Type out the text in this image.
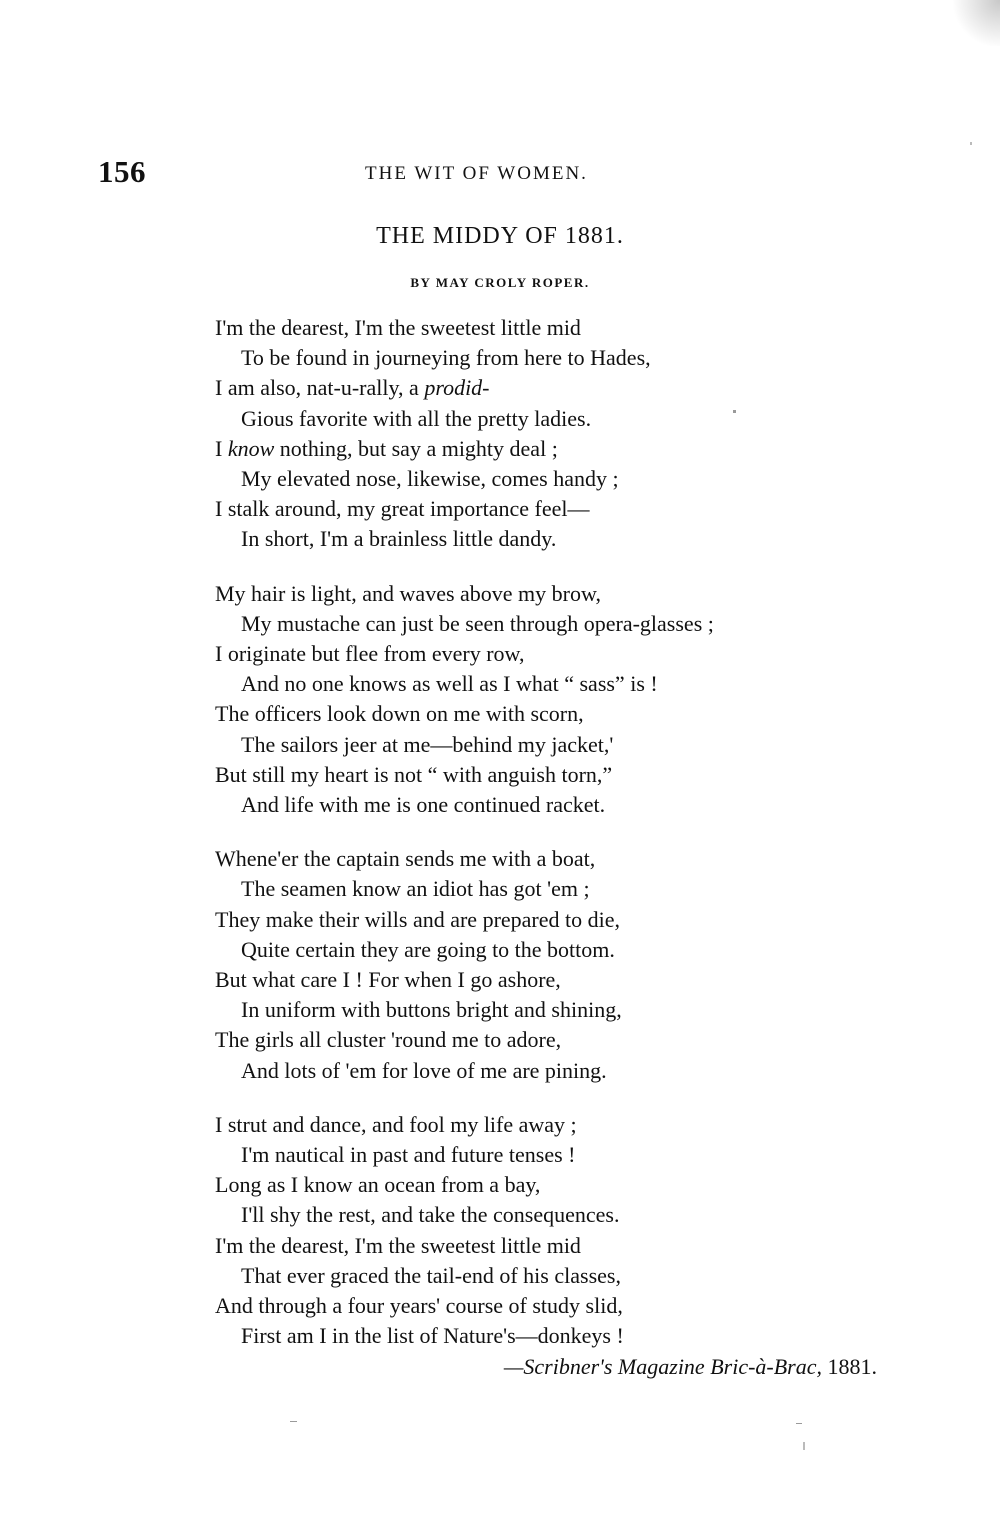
156	THE WIT OF WOMEN.
THE MIDDY OF 1881.
BY MAY CROLY ROPER.
I'm the dearest, I'm the sweetest little mid
To be found in journeying from here to Hades,
I am also, nat-u-rally, a prodid-
Gious favorite with all the pretty ladies.
I know nothing, but say a mighty deal ;
My elevated nose, likewise, comes handy ;
I stalk around, my great importance feel—
In short, I'm a brainless little dandy.
My hair is light, and waves above my brow,
My mustache can just be seen through opera-glasses ;
I originate but flee from every row,
And no one knows as well as I what “ sass” is !
The officers look down on me with scorn,
The sailors jeer at me—behind my jacket,'
But still my heart is not “ with anguish torn,”
And life with me is one continued racket.
Whene'er the captain sends me with a boat,
The seamen know an idiot has got 'em ;
They make their wills and are prepared to die,
Quite certain they are going to the bottom.
But what care I ! For when I go ashore,
In uniform with buttons bright and shining,
The girls all cluster 'round me to adore,
And lots of 'em for love of me are pining.
I strut and dance, and fool my life away ;
I'm nautical in past and future tenses !
Long as I know an ocean from a bay,
I'll shy the rest, and take the consequences.
I'm the dearest, I'm the sweetest little mid
That ever graced the tail-end of his classes,
And through a four years' course of study slid,
First am I in the list of Nature's—donkeys !
—Scribner's Magazine Bric-à-Brac, 1881.
